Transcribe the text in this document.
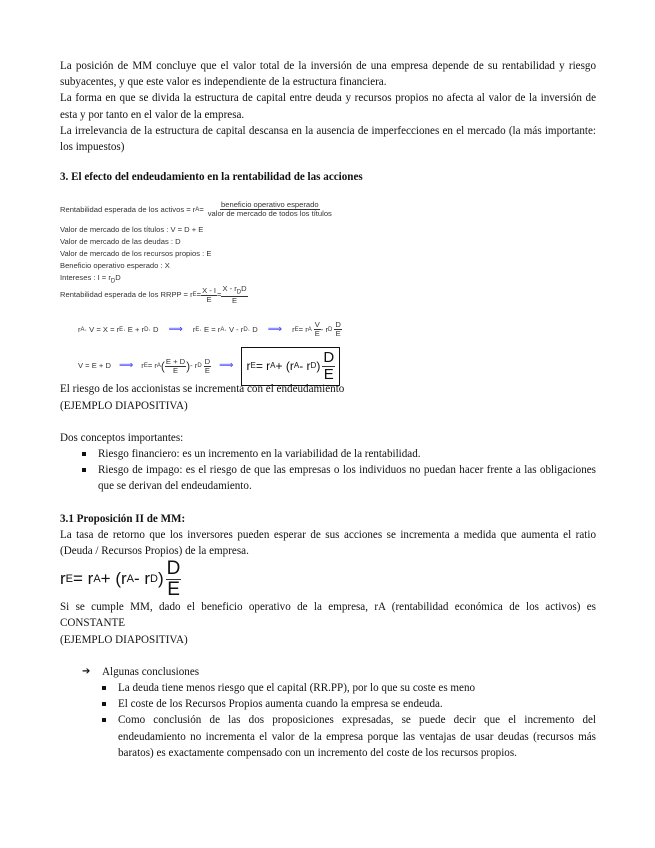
La posición de MM concluye que el valor total de la inversión de una empresa depende de su rentabilidad y riesgo subyacentes, y que este valor es independiente de la estructura financiera.

La forma en que se divida la estructura de capital entre deuda y recursos propios no afecta al valor de la inversión de esta y por tanto en el valor de la empresa.

La irrelevancia de la estructura de capital descansa en la ausencia de imperfecciones en el mercado (la más importante: los impuestos)

3. El efecto del endeudamiento en la rentabilidad de las acciones

Rentabilidad esperada de los activos = r $A = \frac{\text{beneficio operativo esperado}}{\text{valor de mercado de todos los títulos}}$
Valor de mercado de los títulos : V = D + E
Valor de mercado de las deudas : D
Valor de mercado de los recursos propios : E
Beneficio operativo esperado : X
Intereses : $I = r_DD$
Rentabilidad esperada de los RRPP = r $E = \frac{X - I}{E} = \frac{X - r_DD}{E}$
r A · V = X = r E · E + r D · D ⟹ r E · E = r A · V - r D · D ⟹ r E = r A $\frac{V}{E}$ - r D $\frac{D}{E}$
V = E + D ⟹ r E = r A ( $\frac{E + D}{E}$ ) - r D $\frac{D}{E}$ ⟹ r E = r A + (r A - r D ) $\frac{D}{E}$

El riesgo de los accionistas se incrementa con el endeudamiento

(EJEMPLO DIAPOSITIVA)

Dos conceptos importantes:

Riesgo financiero: es un incremento en la variabilidad de la rentabilidad.
Riesgo de impago: es el riesgo de que las empresas o los individuos no puedan hacer frente a las obligaciones que se derivan del endeudamiento.

3.1 Proposición II de MM:

La tasa de retorno que los inversores pueden esperar de sus acciones se incrementa a medida que aumenta el ratio (Deuda / Recursos Propios) de la empresa.

r E = r A + (r A - r D ) $\frac{D}{E}$

Si se cumple MM, dado el beneficio operativo de la empresa, rA (rentabilidad económica de los activos) es CONSTANTE

(EJEMPLO DIAPOSITIVA)

➔ Algunas conclusiones
La deuda tiene menos riesgo que el capital (RR.PP), por lo que su coste es meno
El coste de los Recursos Propios aumenta cuando la empresa se endeuda.
Como conclusión de las dos proposiciones expresadas, se puede decir que el incremento del endeudamiento no incrementa el valor de la empresa porque las ventajas de usar deudas (recursos más baratos) es exactamente compensado con un incremento del coste de los recursos propios.
